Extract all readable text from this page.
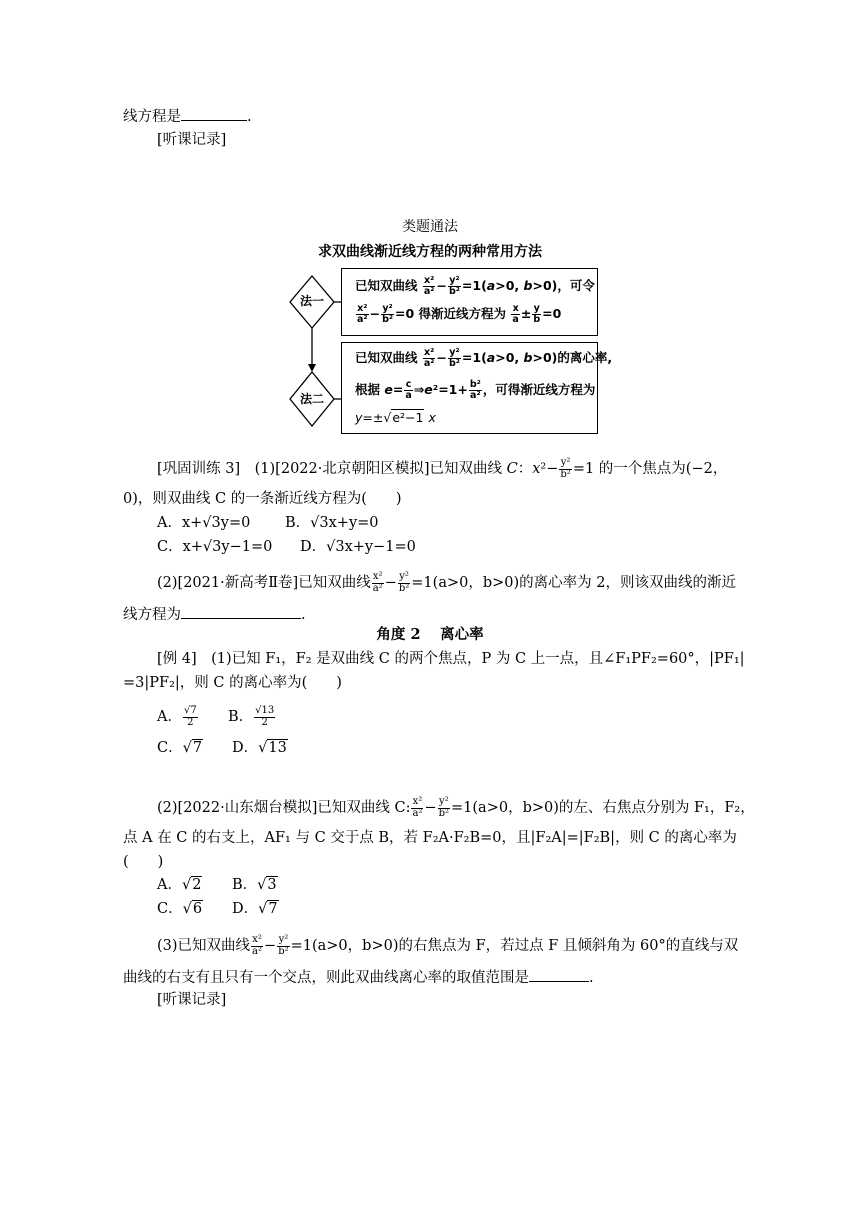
线方程是	.
[听课记录]
类题通法
求双曲线渐近线方程的两种常用方法
法一
法二
已知双曲线 $\frac{\text{x²}}{\text{a²}} - \frac{\text{y²}}{\text{b²}} =1(a>0$, b>0)，可令
$\frac{\text{x²}}{\text{a²}} - \frac{\text{y²}}{\text{b²}} =0$ 得渐近线方程为 $\frac{x}{a} \pm \frac{y}{b} =0$
已知双曲线 $\frac{\text{x²}}{\text{a²}} - \frac{\text{y²}}{\text{b²}} =1(a>0$, b>0)的离心率,
根据 $e= \frac{c}{a}$ ⇒e²=1+ $\frac{\text{b²}}{\text{a²}}$ ，可得渐近线方程为
y=±√e²−1 x
[巩固训练 3]　(1)[2022·北京朝阳区模拟]已知双曲线 C：$x^2- \frac{\text{y²}}{\text{b²}} =1$ 的一个焦点为(−2，
0)，则双曲线 C 的一条渐近线方程为(　　)
A．x+√3y=0 B．√3x+y=0
C．x+√3y−1=0 D．√3x+y−1=0
(2)[2021·新高考Ⅱ卷]已知双曲线 $\frac{\text{x²}}{\text{a²}} - \frac{\text{y²}}{\text{b²}} =1(a>0$，b>0)的离心率为 2，则该双曲线的渐近
线方程为	.
角度 2　 离心率
[例 4]　(1)已知 F₁，F₂ 是双曲线 C 的两个焦点，P 为 C 上一点，且∠F₁PF₂=60°，|PF₁|
=3|PF₂|，则 C 的离心率为(　　)
A． $\frac{√7}{2}$ B． $\frac{√13}{2}$
C．√7 D．√13
(2)[2022·山东烟台模拟]已知双曲线 C: $\frac{\text{x²}}{\text{a²}} - \frac{\text{y²}}{\text{b²}} =1(a>0$，b>0)的左、右焦点分别为 F₁，F₂，
点 A 在 C 的右支上，AF₁ 与 C 交于点 B，若 F₂A·F₂B=0，且|F₂A|=|F₂B|，则 C 的离心率为
(　　)
A．√2 B．√3
C．√6 D．√7
(3)已知双曲线 $\frac{\text{x²}}{\text{a²}} - \frac{\text{y²}}{\text{b²}} =1(a>0$，b>0)的右焦点为 F，若过点 F 且倾斜角为 60°的直线与双
曲线的右支有且只有一个交点，则此双曲线离心率的取值范围是	.
[听课记录]
